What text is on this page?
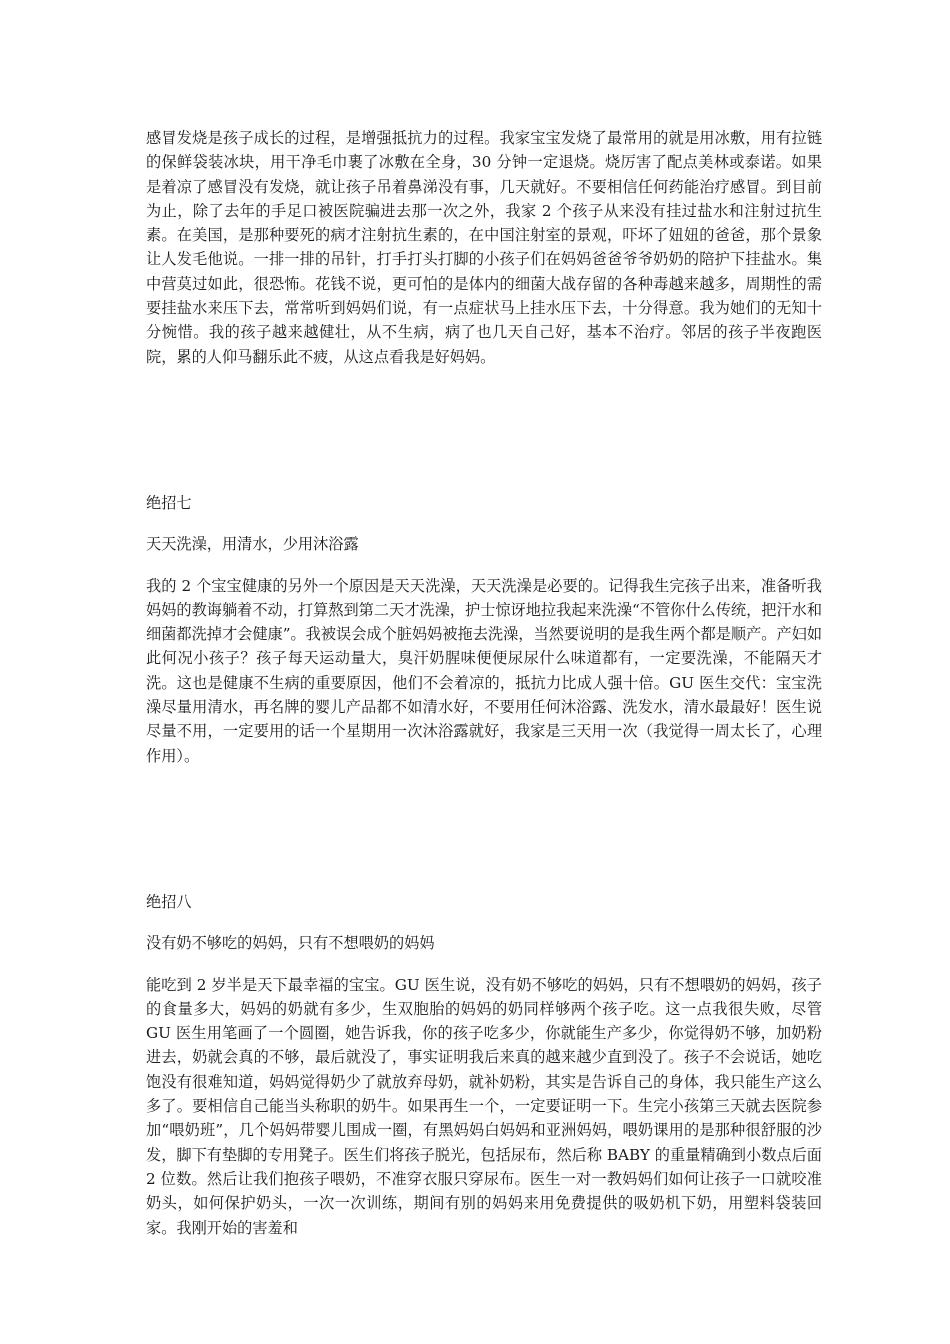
感冒发烧是孩子成长的过程，是增强抵抗力的过程。我家宝宝发烧了最常用的就是用冰敷，用有拉链的保鲜袋装冰块，用干净毛巾裹了冰敷在全身，30 分钟一定退烧。烧厉害了配点美林或泰诺。如果是着凉了感冒没有发烧，就让孩子吊着鼻涕没有事，几天就好。不要相信任何药能治疗感冒。到目前为止，除了去年的手足口被医院骗进去那一次之外，我家 2 个孩子从来没有挂过盐水和注射过抗生素。在美国，是那种要死的病才注射抗生素的，在中国注射室的景观，吓坏了妞妞的爸爸，那个景象让人发毛他说。一排一排的吊针，打手打头打脚的小孩子们在妈妈爸爸爷爷奶奶的陪护下挂盐水。集中营莫过如此，很恐怖。花钱不说，更可怕的是体内的细菌大战存留的各种毒越来越多，周期性的需要挂盐水来压下去，常常听到妈妈们说，有一点症状马上挂水压下去，十分得意。我为她们的无知十分惋惜。我的孩子越来越健壮，从不生病，病了也几天自己好，基本不治疗。邻居的孩子半夜跑医院，累的人仰马翻乐此不疲，从这点看我是好妈妈。

绝招七

天天洗澡，用清水，少用沐浴露

我的 2 个宝宝健康的另外一个原因是天天洗澡，天天洗澡是必要的。记得我生完孩子出来，准备听我妈妈的教诲躺着不动，打算熬到第二天才洗澡，护士惊讶地拉我起来洗澡“不管你什么传统，把汗水和细菌都洗掉才会健康”。我被误会成个脏妈妈被拖去洗澡，当然要说明的是我生两个都是顺产。产妇如此何况小孩子？孩子每天运动量大，臭汗奶腥味便便尿尿什么味道都有，一定要洗澡，不能隔天才洗。这也是健康不生病的重要原因，他们不会着凉的，抵抗力比成人强十倍。GU 医生交代：宝宝洗澡尽量用清水，再名牌的婴儿产品都不如清水好，不要用任何沐浴露、洗发水，清水最最好！医生说尽量不用，一定要用的话一个星期用一次沐浴露就好，我家是三天用一次（我觉得一周太长了，心理作用）。

绝招八

没有奶不够吃的妈妈，只有不想喂奶的妈妈

能吃到 2 岁半是天下最幸福的宝宝。GU 医生说，没有奶不够吃的妈妈，只有不想喂奶的妈妈，孩子的食量多大，妈妈的奶就有多少，生双胞胎的妈妈的奶同样够两个孩子吃。这一点我很失败，尽管 GU 医生用笔画了一个圆圈，她告诉我，你的孩子吃多少，你就能生产多少，你觉得奶不够，加奶粉进去，奶就会真的不够，最后就没了，事实证明我后来真的越来越少直到没了。孩子不会说话，她吃饱没有很难知道，妈妈觉得奶少了就放弃母奶，就补奶粉，其实是告诉自己的身体，我只能生产这么多了。要相信自己能当头称职的奶牛。如果再生一个，一定要证明一下。生完小孩第三天就去医院参加“喂奶班”，几个妈妈带婴儿围成一圈，有黑妈妈白妈妈和亚洲妈妈，喂奶课用的是那种很舒服的沙发，脚下有垫脚的专用凳子。医生们将孩子脱光，包括尿布，然后称 BABY 的重量精确到小数点后面 2 位数。然后让我们抱孩子喂奶，不准穿衣服只穿尿布。医生一对一教妈妈们如何让孩子一口就咬准奶头，如何保护奶头，一次一次训练，期间有别的妈妈来用免费提供的吸奶机下奶，用塑料袋装回家。我刚开始的害羞和
